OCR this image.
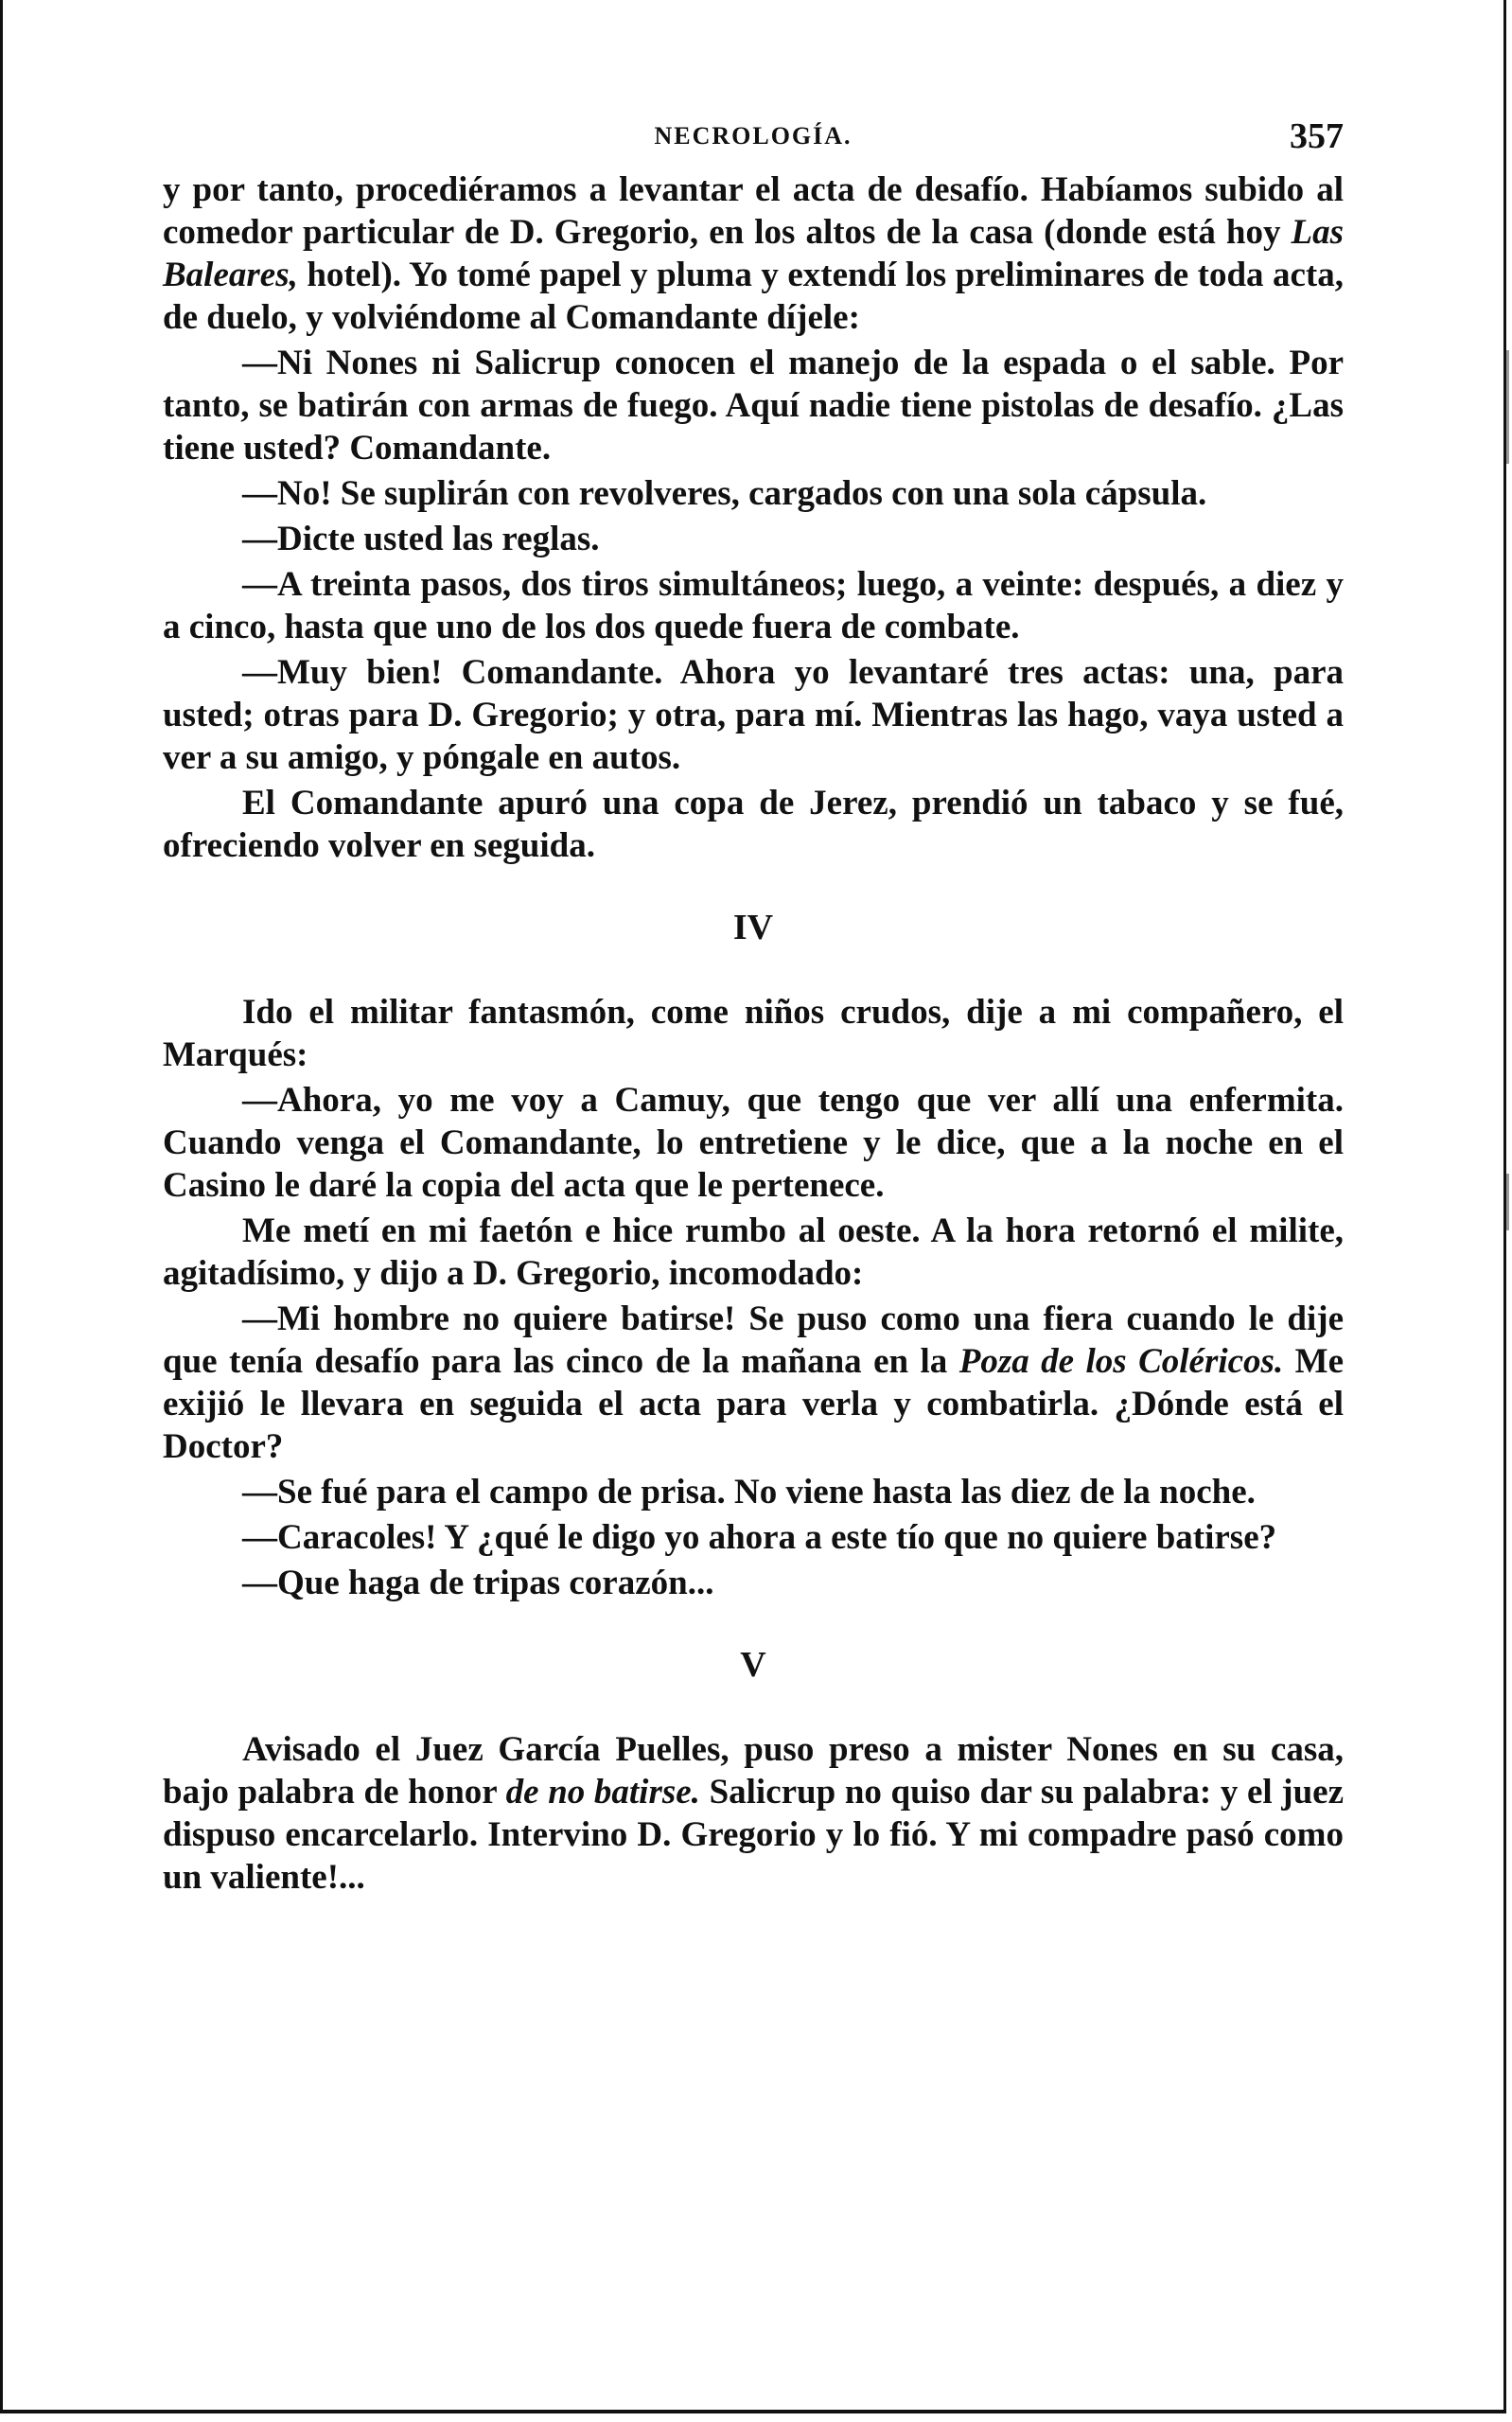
NECROLOGÍA.	357

y por tanto, procediéramos a levantar el acta de desafío. Habíamos subido al comedor particular de D. Gregorio, en los altos de la casa (donde está hoy Las Baleares, hotel). Yo tomé papel y pluma y extendí los preliminares de toda acta, de duelo, y volviéndome al Comandante díjele:

—Ni Nones ni Salicrup conocen el manejo de la espada o el sable. Por tanto, se batirán con armas de fuego. Aquí nadie tiene pistolas de desafío. ¿Las tiene usted? Comandante.

—No! Se suplirán con revolveres, cargados con una sola cápsula.

—Dicte usted las reglas.

—A treinta pasos, dos tiros simultáneos; luego, a veinte: después, a diez y a cinco, hasta que uno de los dos quede fuera de combate.

—Muy bien! Comandante. Ahora yo levantaré tres actas: una, para usted; otras para D. Gregorio; y otra, para mí. Mientras las hago, vaya usted a ver a su amigo, y póngale en autos.

El Comandante apuró una copa de Jerez, prendió un tabaco y se fué, ofreciendo volver en seguida.

IV

Ido el militar fantasmón, come niños crudos, dije a mi compañero, el Marqués:

—Ahora, yo me voy a Camuy, que tengo que ver allí una enfermita. Cuando venga el Comandante, lo entretiene y le dice, que a la noche en el Casino le daré la copia del acta que le pertenece.

Me metí en mi faetón e hice rumbo al oeste. A la hora retornó el milite, agitadísimo, y dijo a D. Gregorio, incomodado:

—Mi hombre no quiere batirse! Se puso como una fiera cuando le dije que tenía desafío para las cinco de la mañana en la Poza de los Coléricos. Me exijió le llevara en seguida el acta para verla y combatirla. ¿Dónde está el Doctor?

—Se fué para el campo de prisa. No viene hasta las diez de la noche.

—Caracoles! Y ¿qué le digo yo ahora a este tío que no quiere batirse?

—Que haga de tripas corazón...

V

Avisado el Juez García Puelles, puso preso a mister Nones en su casa, bajo palabra de honor de no batirse. Salicrup no quiso dar su palabra: y el juez dispuso encarcelarlo. Intervino D. Gregorio y lo fió. Y mi compadre pasó como un valiente!...
